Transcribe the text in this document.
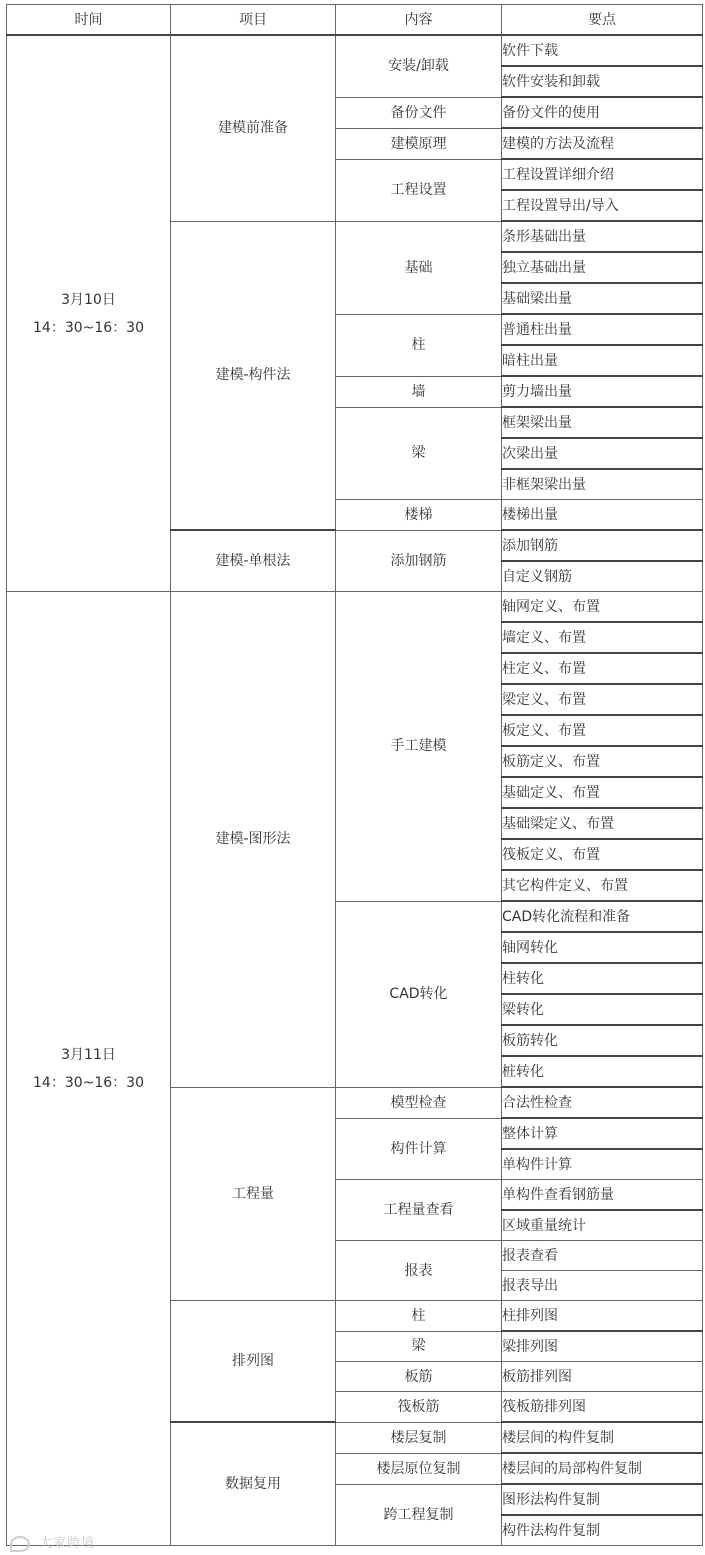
时间	项目	内容	要点

3月10日
14：30~16：30	建模前准备	安装/卸载	软件下载
			软件安装和卸载
		备份文件	备份文件的使用
		建模原理	建模的方法及流程
		工程设置	工程设置详细介绍
			工程设置导出/导入
	建模-构件法	基础	条形基础出量
			独立基础出量
			基础梁出量
		柱	普通柱出量
			暗柱出量
		墙	剪力墙出量
		梁	框架梁出量
			次梁出量
			非框架梁出量
		楼梯	楼梯出量
	建模-单根法	添加钢筋	添加钢筋
			自定义钢筋

3月11日
14：30~16：30	建模-图形法	手工建模	轴网定义、布置
			墙定义、布置
			柱定义、布置
			梁定义、布置
			板定义、布置
			板筋定义、布置
			基础定义、布置
			基础梁定义、布置
			筏板定义、布置
			其它构件定义、布置
		CAD转化	CAD转化流程和准备
			轴网转化
			柱转化
			梁转化
			板筋转化
			桩转化
	工程量	模型检查	合法性检查
		构件计算	整体计算
			单构件计算
		工程量查看	单构件查看钢筋量
			区域重量统计
		报表	报表查看
			报表导出
	排列图	柱	柱排列图
		梁	梁排列图
		板筋	板筋排列图
		筏板筋	筏板筋排列图
	数据复用	楼层复制	楼层间的构件复制
		楼层原位复制	楼层间的局部构件复制
		跨工程复制	图形法构件复制
			构件法构件复制
大家跨境
